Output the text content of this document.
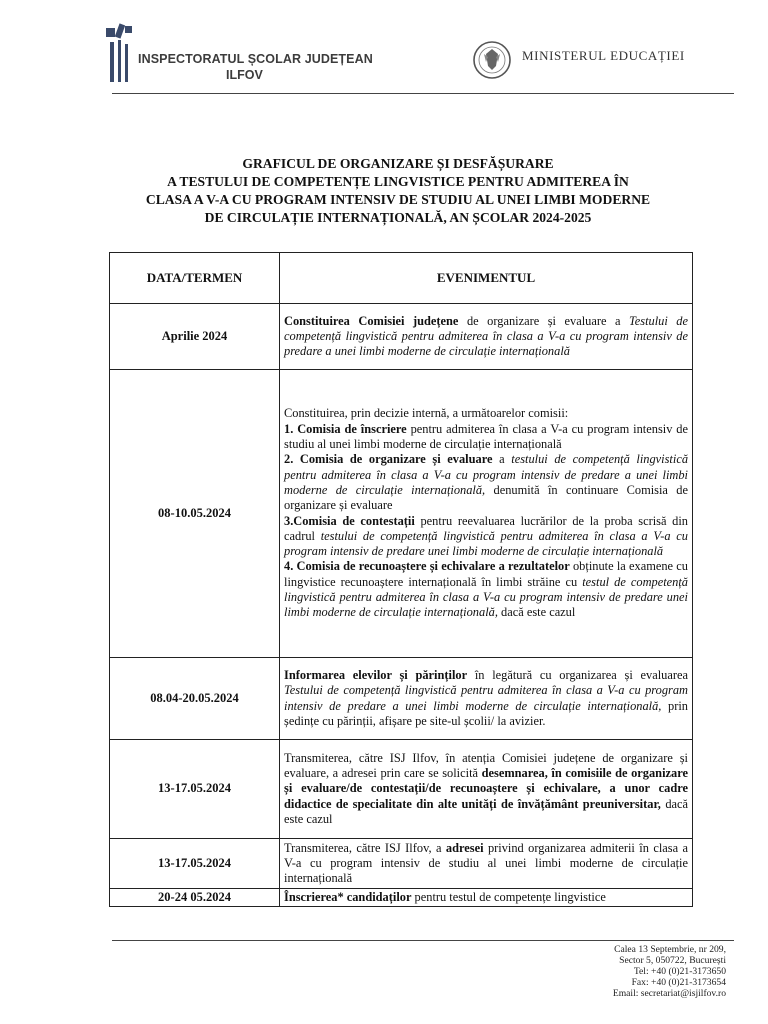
INSPECTORATUL ȘCOLAR JUDEȚEAN
ILFOV
MINISTERUL EDUCAȚIEI
GRAFICUL DE ORGANIZARE ȘI DESFĂȘURARE
A TESTULUI DE COMPETENȚE LINGVISTICE PENTRU ADMITEREA ÎN
CLASA A V-A CU PROGRAM INTENSIV DE STUDIU AL UNEI LIMBI MODERNE
DE CIRCULAȚIE INTERNAȚIONALĂ, AN ȘCOLAR 2024-2025
DATA/TERMEN	EVENIMENTUL
Aprilie 2024	Constituirea Comisiei județene de organizare și evaluare a Testului de competență lingvistică pentru admiterea în clasa a V-a cu program intensiv de predare a unei limbi moderne de circulație internațională
08-10.05.2024	Constituirea, prin decizie internă, a următoarelor comisii:
1. Comisia de înscriere pentru admiterea în clasa a V-a cu program intensiv de studiu al unei limbi moderne de circulație internațională
2. Comisia de organizare și evaluare a testului de competență lingvistică pentru admiterea în clasa a V-a cu program intensiv de predare a unei limbi moderne de circulație internațională, denumită în continuare Comisia de organizare și evaluare
3.Comisia de contestații pentru reevaluarea lucrărilor de la proba scrisă din cadrul testului de competență lingvistică pentru admiterea în clasa a V-a cu program intensiv de predare unei limbi moderne de circulație internațională
4. Comisia de recunoaștere și echivalare a rezultatelor obținute la examene cu lingvistice recunoaștere internațională în limbi străine cu testul de competență lingvistică pentru admiterea în clasa a V-a cu program intensiv de predare unei limbi moderne de circulație internațională, dacă este cazul

08.04-20.05.2024	Informarea elevilor și părinților în legătură cu organizarea și evaluarea Testului de competență lingvistică pentru admiterea în clasa a V-a cu program intensiv de predare a unei limbi moderne de circulație internațională, prin ședințe cu părinții, afișare pe site-ul școlii/ la avizier.
13-17.05.2024	Transmiterea, către ISJ Ilfov, în atenția Comisiei județene de organizare și evaluare, a adresei prin care se solicită desemnarea, în comisiile de organizare și evaluare/de contestații/de recunoaștere și echivalare, a unor cadre didactice de specialitate din alte unități de învățământ preuniversitar, dacă este cazul
13-17.05.2024	Transmiterea, către ISJ Ilfov, a adresei privind organizarea admiterii în clasa a V-a cu program intensiv de studiu al unei limbi moderne de circulație internațională
20-24 05.2024	Înscrierea* candidaților pentru testul de competențe lingvistice
Calea 13 Septembrie, nr 209,
Sector 5, 050722, București
Tel: +40 (0)21-3173650
Fax: +40 (0)21-3173654
Email: secretariat@isjilfov.ro
